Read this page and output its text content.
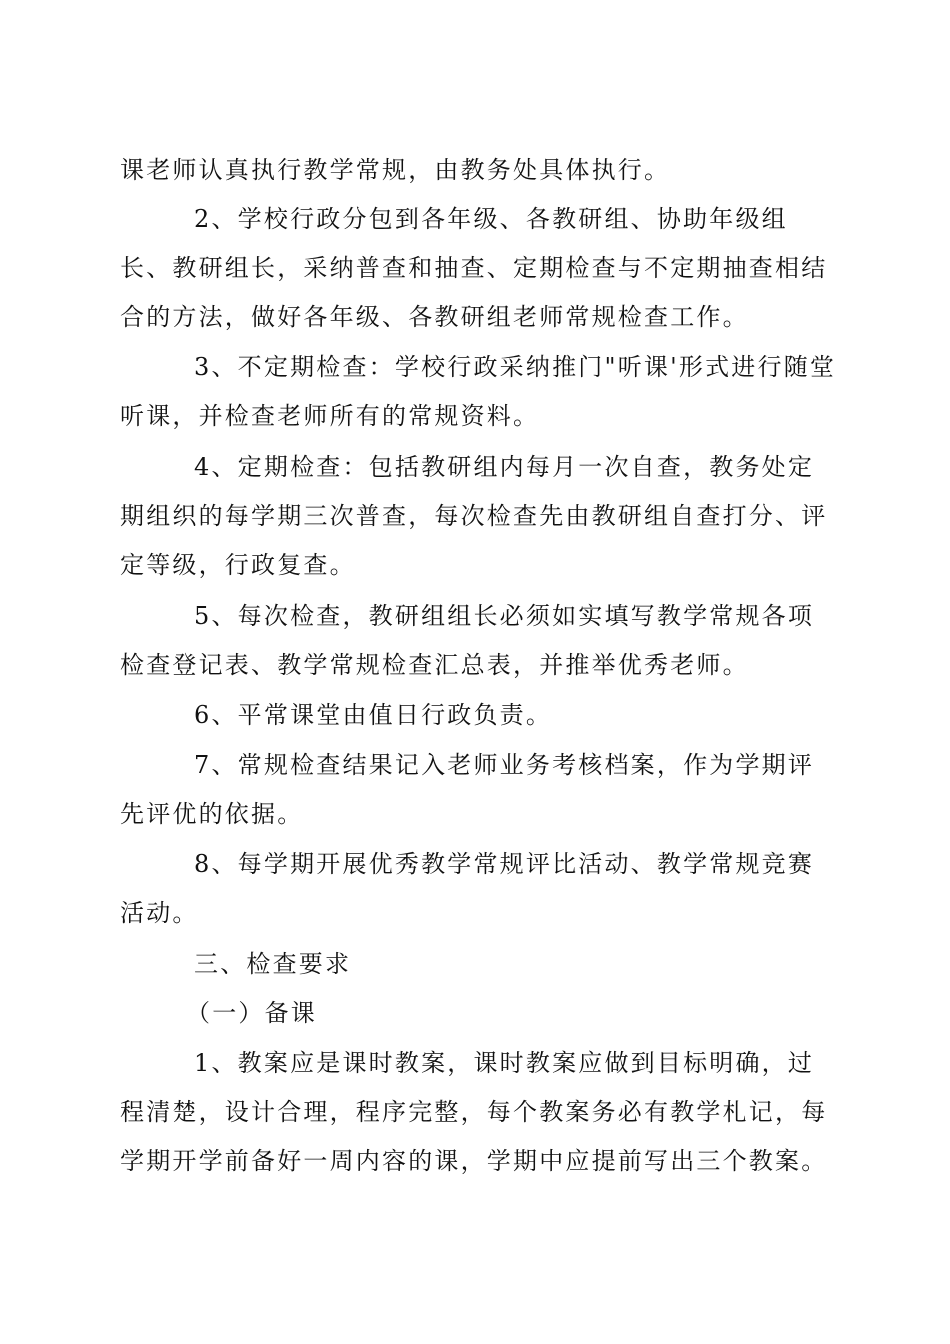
课老师认真执行教学常规，由教务处具体执行。

2、学校行政分包到各年级、各教研组、协助年级组长、教研组长，采纳普查和抽查、定期检查与不定期抽查相结合的方法，做好各年级、各教研组老师常规检查工作。

3、不定期检查：学校行政采纳推门"听课'形式进行随堂听课，并检查老师所有的常规资料。

4、定期检查：包括教研组内每月一次自查，教务处定期组织的每学期三次普查，每次检查先由教研组自查打分、评定等级，行政复查。

5、每次检查，教研组组长必须如实填写教学常规各项检查登记表、教学常规检查汇总表，并推举优秀老师。

6、平常课堂由值日行政负责。

7、常规检查结果记入老师业务考核档案，作为学期评先评优的依据。

8、每学期开展优秀教学常规评比活动、教学常规竞赛活动。

三、检查要求

（一）备课

1、教案应是课时教案，课时教案应做到目标明确，过程清楚，设计合理，程序完整，每个教案务必有教学札记，每学期开学前备好一周内容的课，学期中应提前写出三个教案。
